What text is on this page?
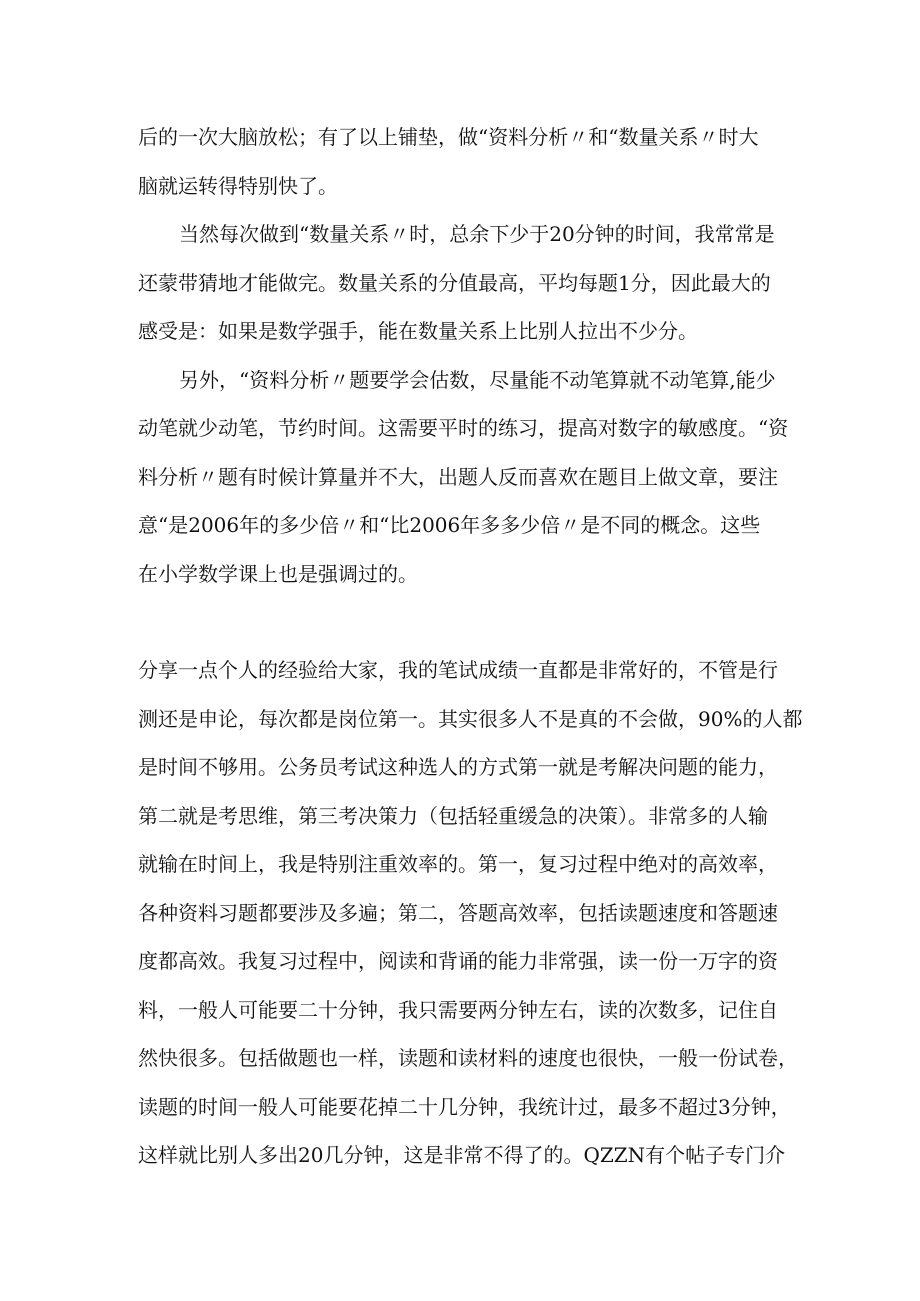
后的一次大脑放松；有了以上铺垫，做“资料分析〃和“数量关系〃时大
脑就运转得特别快了。
当然每次做到“数量关系〃时，总余下少于20分钟的时间，我常常是
还蒙带猜地才能做完。数量关系的分值最高，平均每题1分，因此最大的
感受是：如果是数学强手，能在数量关系上比别人拉出不少分。
另外，“资料分析〃题要学会估数，尽量能不动笔算就不动笔算,能少
动笔就少动笔，节约时间。这需要平时的练习，提高对数字的敏感度。“资
料分析〃题有时候计算量并不大，出题人反而喜欢在题目上做文章，要注
意“是2006年的多少倍〃和“比2006年多多少倍〃是不同的概念。这些
在小学数学课上也是强调过的。
分享一点个人的经验给大家，我的笔试成绩一直都是非常好的，不管是行
测还是申论，每次都是岗位第一。其实很多人不是真的不会做，90%的人都
是时间不够用。公务员考试这种选人的方式第一就是考解决问题的能力，
第二就是考思维，第三考决策力（包括轻重缓急的决策）。非常多的人输
就输在时间上，我是特别注重效率的。第一，复习过程中绝对的高效率，
各种资料习题都要涉及多遍；第二，答题高效率，包括读题速度和答题速
度都高效。我复习过程中，阅读和背诵的能力非常强，读一份一万字的资
料，一般人可能要二十分钟，我只需要两分钟左右，读的次数多，记住自
然快很多。包括做题也一样，读题和读材料的速度也很快，一般一份试卷，
读题的时间一般人可能要花掉二十几分钟，我统计过，最多不超过3分钟，
这样就比别人多出20几分钟，这是非常不得了的。QZZN有个帖子专门介
